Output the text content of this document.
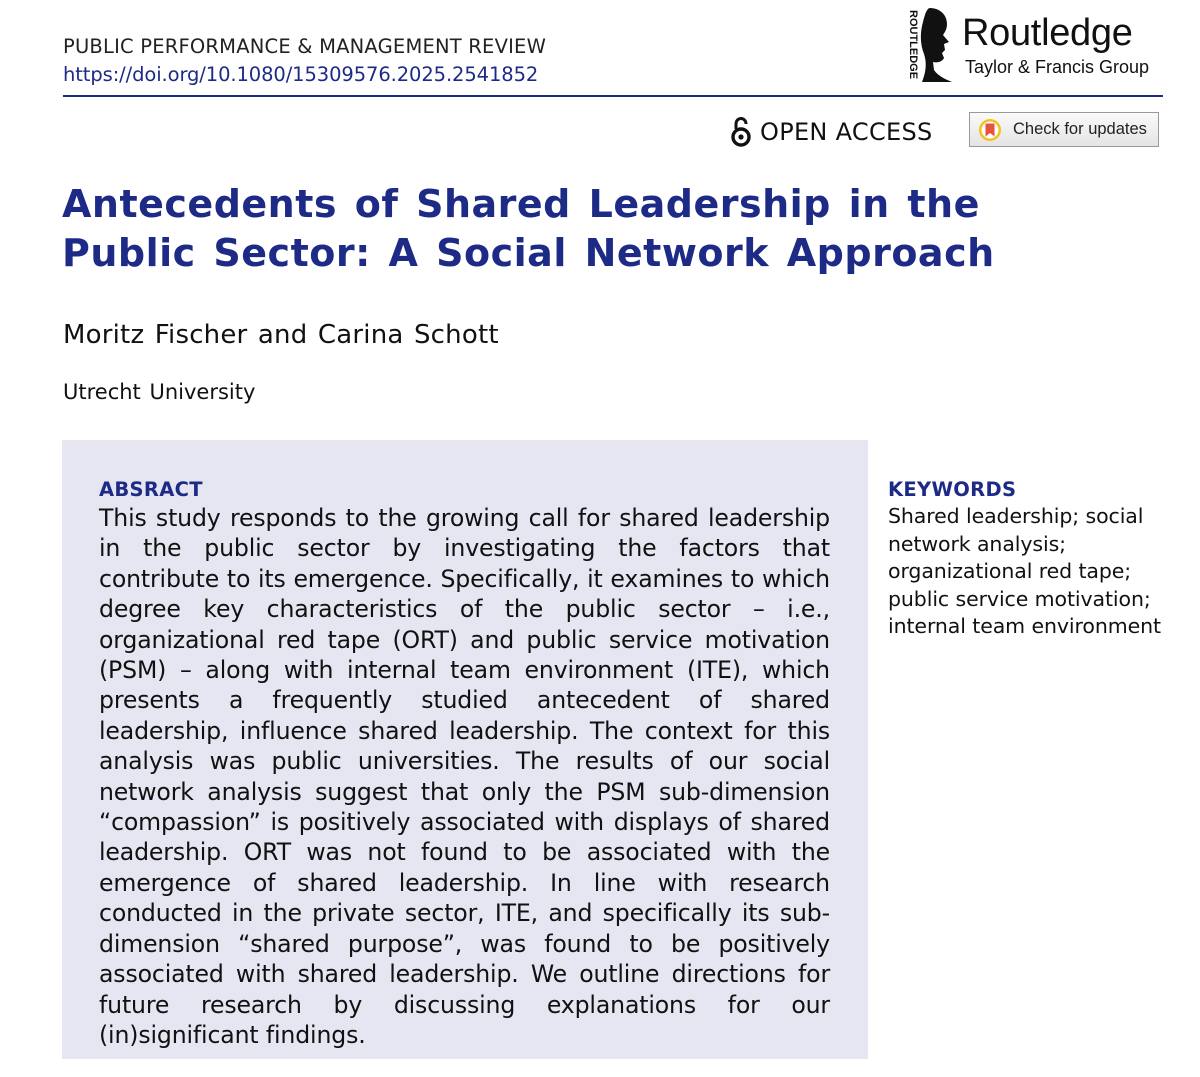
PUBLIC PERFORMANCE & MANAGEMENT REVIEW
https://doi.org/10.1080/15309576.2025.2541852	ROUTLEDGE Routledge
Taylor & Francis Group
OPEN ACCESS	Check for updates
Antecedents of Shared Leadership in the Public Sector: A Social Network Approach
Moritz Fischer and Carina Schott
Utrecht University
ABSRACT

This study responds to the growing call for shared leadership in the public sector by investigating the factors that contribute to its emergence. Specifically, it examines to which degree key characteristics of the public sector – i.e., organizational red tape (ORT) and public service motivation (PSM) – along with internal team environment (ITE), which presents a frequently studied antecedent of shared leadership, influence shared leadership. The context for this analysis was public universities. The results of our social network analysis suggest that only the PSM sub-dimension “compassion” is positively associated with displays of shared leadership. ORT was not found to be associated with the emergence of shared leadership. In line with research conducted in the private sector, ITE, and specifically its sub-dimension “shared purpose”, was found to be positively associated with shared leadership. We outline directions for future research by discussing explanations for our (in)significant findings.

KEYWORDS

Shared leadership; social network analysis; organizational red tape; public service motivation; internal team environment
